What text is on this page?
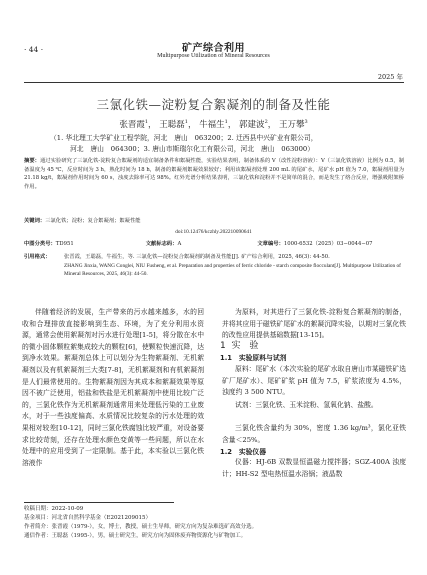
· 44 ·	矿产综合利用
Multipurpose Utilization of Mineral Resources
2025 年
三氯化铁—淀粉复合絮凝剂的制备及性能
张晋霞$^1$， 王聪磊$^1$， 牛福生$^1$， 郭建波$^2$， 王万攀$^3$
（1. 华北理工大学矿业工程学院，河北　唐山　063200；2. 迁西县中兴矿业有限公司，
河北　唐山　064300；3. 唐山市斯瑞尔化工有限公司，河北　唐山　063000）
摘要：通过实验研究了三氯化铁-淀粉复合絮凝剂的适宜制备条件和絮凝性能，实验结果表明，制备体系的 V（改性淀粉溶液）：V（三氯化铁溶液）比例为 0.5，制备温度为 45 ℃，反应时间为 3 h，熟化时间为 18 h，制备的絮凝剂絮凝效果较好；利用该絮凝剂处理 200 mL 的尾矿水，尾矿水 pH 值为 7.0，絮凝剂用量为 21.18 kg/t，絮凝剂作用时间为 60 s，浊度去除率可达 98%。红外光谱分析结果表明，三氯化铁和淀粉并不是简单的混合，而是发生了络合反应，增强吸附架桥作用。
关键词：三氯化铁；淀粉；复合絮凝剂；絮凝性能
doi:10.12476/kczhly.202210090641
中图分类号：TD951	文献标志码：A	文章编号：1000-6532（2025）03−0044−07
引用格式：	张晋霞，王聪磊，牛福生，等. 三氯化铁—淀粉复合絮凝剂的制备及性能[J]. 矿产综合利用，2025, 46(3): 44-50.
ZHANG Jinxia, WANG Conglei, NIU Fusheng, et al. Preparation and properties of ferric chloride - starch composite flocculant[J]. Multipurpose Utilization of Mineral Resources, 2025, 46(3): 44-50.
伴随着经济的发展，生产带来的污水越来越多，水的回收和合理排放直接影响到生态、环境，为了充分利用水资源，通常会使用絮凝剂对污水进行处理[1-5]，将分散在水中的微小固体颗粒絮集成较大的颗粒[6]，使颗粒快速沉降，达到净水效果。絮凝剂总体上可以划分为生物絮凝剂、无机絮凝剂以及有机絮凝剂三大类[7-8]，无机絮凝剂和有机絮凝剂是人们最常使用的。生物絮凝剂因为其成本和絮凝效果等原因不被广泛使用，铝盐和铁盐是无机絮凝剂中使用比较广泛的，三氯化铁作为无机絮凝剂通常用来处理低污染的工业废水，对于一些浊度偏高、水质情况比较复杂的污水处理的效果相对较差[10-12]，同时三氯化铁腐蚀比较严重，对设备要求比较苛刻，还存在处理水颜色变黄等一些问题，所以在水处理中的应用受到了一定限制。基于此，本实验以三氯化铁溶液作
为原料，对其进行了三氯化铁-淀粉复合絮凝剂的制备，并将其应用于磁铁矿尾矿水的絮凝沉降实验，以期对三氯化铁的改性应用提供基础数据[13-15]。
1 实　验
1.1　实验原料与试剂
原料：尾矿水（本次实验的尾矿水取自唐山市某磁铁矿选矿厂尾矿水）、尾矿矿浆 pH 值为 7.5，矿浆浓度为 4.5%，浊度约 3 500 NTU。
试剂：三氯化铁、玉米淀粉、氢氧化钠、盐酸。
三氯化铁含量约为 30%，密度 1.36 kg/m³，氯化亚铁含量＜25%。
1.2　实验仪器
仪器：HJ-6B 双数显恒温磁力搅拌器；SGZ-400A 浊度计；HH-S2 型电热恒温水浴锅；液晶数
收稿日期：2022-10-09
基金项目：河北省自然科学基金（E2021209015）
作者简介：张晋霞（1979-），女，博士，教授，硕士生导师，研究方向为复杂难选矿高效分选。
通信作者：王聪磊（1995-），男，硕士研究生，研究方向为固体废弃物资源化与矿物加工。
